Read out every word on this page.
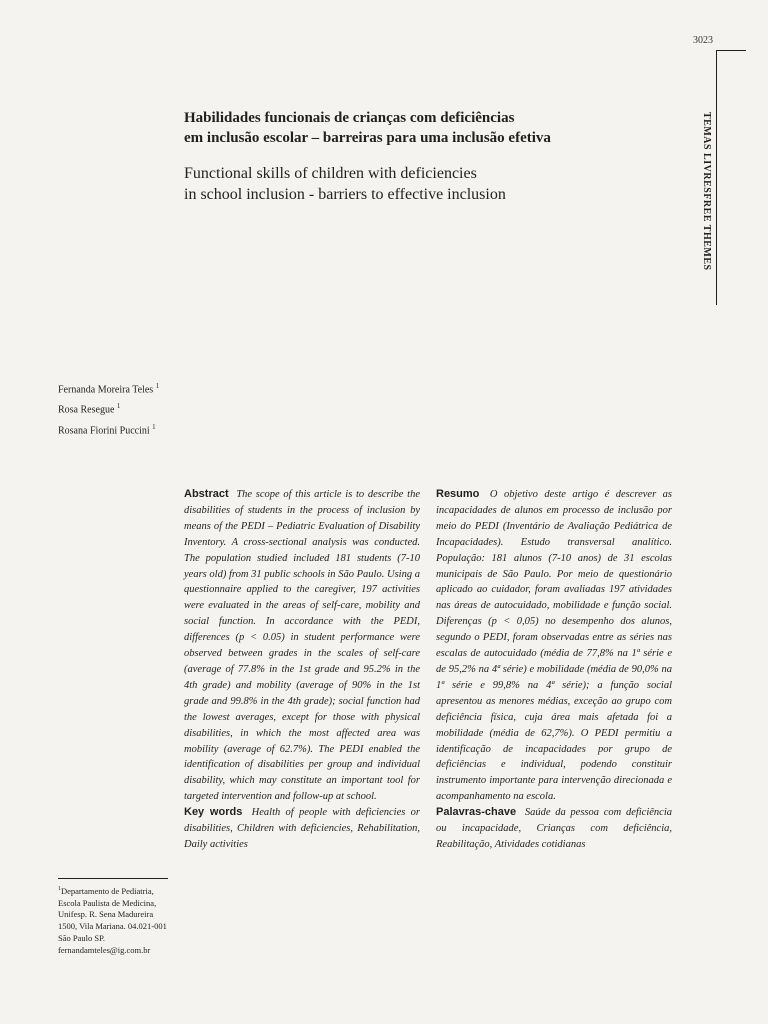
3023
TEMAS LIVRESFREE THEMES
Habilidades funcionais de crianças com deficiências
em inclusão escolar – barreiras para uma inclusão efetiva
Functional skills of children with deficiencies
in school inclusion - barriers to effective inclusion
Fernanda Moreira Teles $^1$
Rosa Resegue $^1$
Rosana Fiorini Puccini $^1$
Abstract The scope of this article is to describe the disabilities of students in the process of inclusion by means of the PEDI – Pediatric Evaluation of Disability Inventory. A cross-sectional analysis was conducted. The population studied included 181 students (7-10 years old) from 31 public schools in São Paulo. Using a questionnaire applied to the caregiver, 197 activities were evaluated in the areas of self-care, mobility and social function. In accordance with the PEDI, differences (p < 0.05) in student performance were observed between grades in the scales of self-care (average of 77.8% in the 1st grade and 95.2% in the 4th grade) and mobility (average of 90% in the 1st grade and 99.8% in the 4th grade); social function had the lowest averages, except for those with physical disabilities, in which the most affected area was mobility (average of 62.7%). The PEDI enabled the identification of disabilities per group and individual disability, which may constitute an important tool for targeted intervention and follow-up at school.
Key words Health of people with deficiencies or disabilities, Children with deficiencies, Rehabilitation, Daily activities
Resumo O objetivo deste artigo é descrever as incapacidades de alunos em processo de inclusão por meio do PEDI (Inventário de Avaliação Pediátrica de Incapacidades). Estudo transversal analítico. População: 181 alunos (7-10 anos) de 31 escolas municipais de São Paulo. Por meio de questionário aplicado ao cuidador, foram avaliadas 197 atividades nas áreas de autocuidado, mobilidade e função social. Diferenças (p < 0,05) no desempenho dos alunos, segundo o PEDI, foram observadas entre as séries nas escalas de autocuidado (média de 77,8% na 1ª série e de 95,2% na 4ª série) e mobilidade (média de 90,0% na 1ª série e 99,8% na 4ª série); a função social apresentou as menores médias, exceção ao grupo com deficiência física, cuja área mais afetada foi a mobilidade (média de 62,7%). O PEDI permitiu a identificação de incapacidades por grupo de deficiências e individual, podendo constituir instrumento importante para intervenção direcionada e acompanhamento na escola.
Palavras-chave Saúde da pessoa com deficiência ou incapacidade, Crianças com deficiência, Reabilitação, Atividades cotidianas
$^1$Departamento de Pediatria, Escola Paulista de Medicina, Unifesp. R. Sena Madureira 1500, Vila Mariana. 04.021-001 São Paulo SP.
fernandamteles@ig.com.br
